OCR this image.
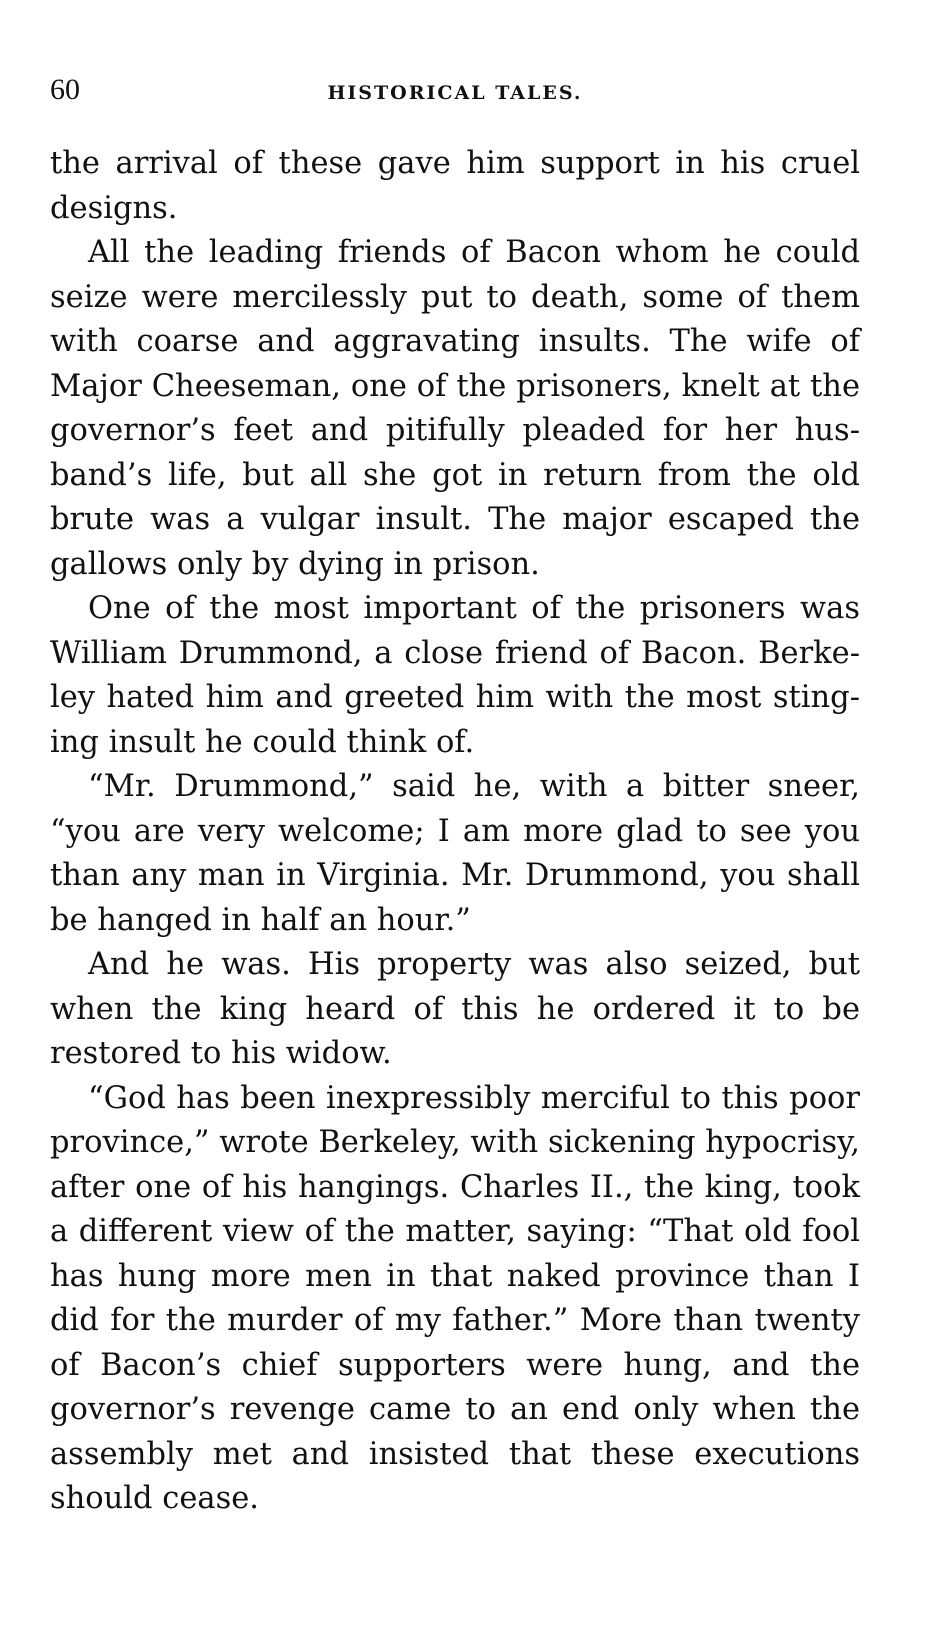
60	HISTORICAL TALES.

the arrival of these gave him support in his cruel designs.

All the leading friends of Bacon whom he could seize were mercilessly put to death, some of them with coarse and aggravating insults. The wife of Major Cheeseman, one of the prisoners, knelt at the governor’s feet and pitifully pleaded for her husband’s life, but all she got in return from the old brute was a vulgar insult. The major escaped the gallows only by dying in prison.

One of the most important of the prisoners was William Drummond, a close friend of Bacon. Berkeley hated him and greeted him with the most stinging insult he could think of.

“Mr. Drummond,” said he, with a bitter sneer, “you are very welcome; I am more glad to see you than any man in Virginia. Mr. Drummond, you shall be hanged in half an hour.”

And he was. His property was also seized, but when the king heard of this he ordered it to be restored to his widow.

“God has been inexpressibly merciful to this poor province,” wrote Berkeley, with sickening hypocrisy, after one of his hangings. Charles II., the king, took a different view of the matter, saying: “That old fool has hung more men in that naked province than I did for the murder of my father.” More than twenty of Bacon’s chief supporters were hung, and the governor’s revenge came to an end only when the assembly met and insisted that these executions should cease.
